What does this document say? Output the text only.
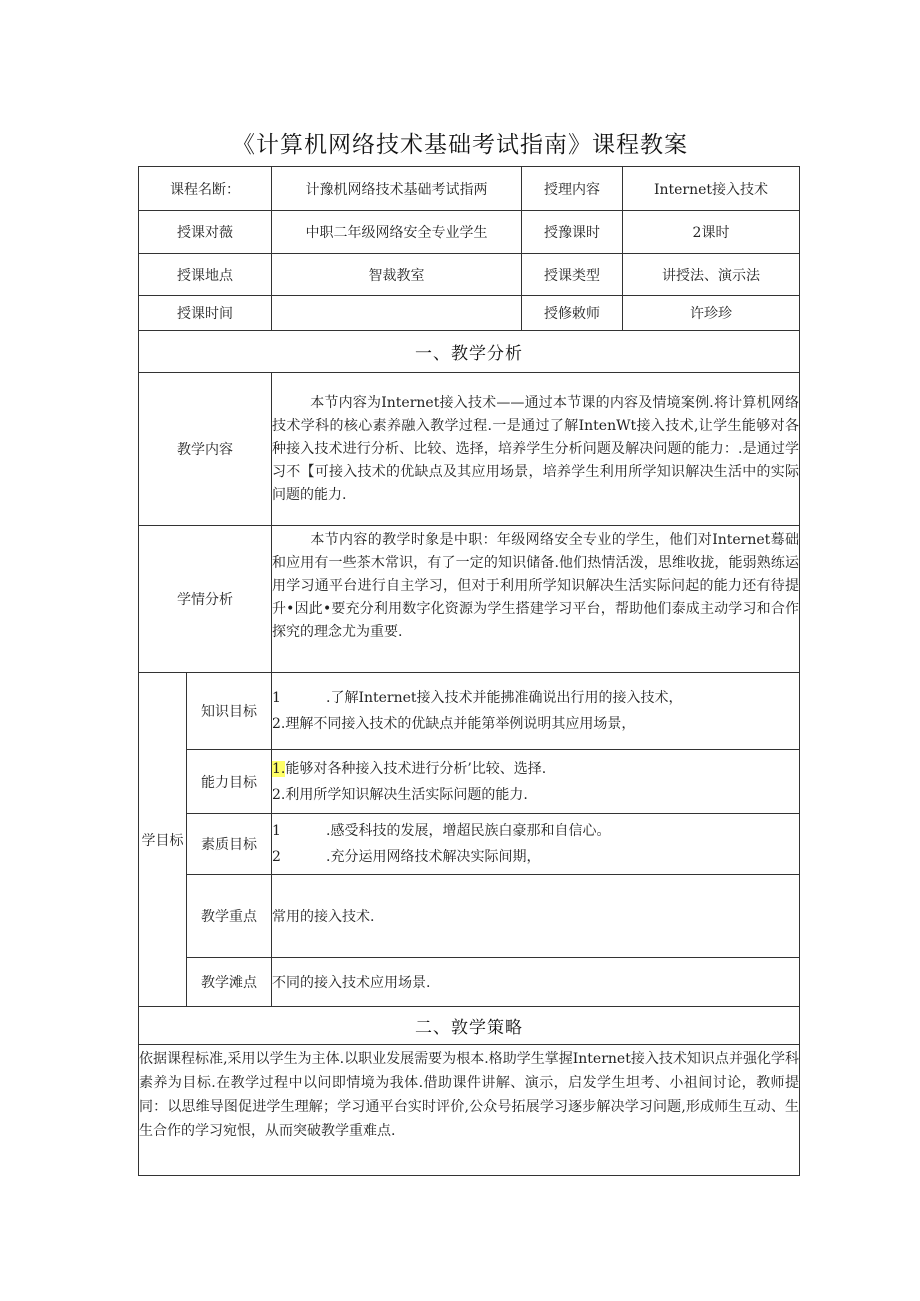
《计算机网络技术基础考试指南》课程教案
课程名断：		计豫机网络技术基础考试指两	授理内容	Internet接入技术
授课对薇		中职二年级网络安全专业学生	授豫课时	2课时
授课地点		智裁教室	授课类型	讲授法、演示法
授课时间			授修敕师	许珍珍
一、教学分析				
教学内容		本节内容为Internet接入技术——通过本节课的内容及情境案例.将计算机网络技术学科的核心素养融入教学过程.一是通过了解IntenWt接入技术,让学生能够对各种接入技术进行分析、比较、选择，培养学生分析问题及解决问题的能力：.是通过学习不【可接入技术的优缺点及其应用场景，培养学生利用所学知识解决生活中的实际问题的能力.		
学情分析		本节内容的教学时象是中职：年级网络安全专业的学生，他们对Internet蓦础和应用有一些茶木常识，有了一定的知识储备.他们热情活泼，思维收拢，能弱熟练运用学习通平台进行自主学习，但对于利用所学知识解决生活实际问起的能力还有待提升•因此•要充分利用数字化资源为学生搭建学习平台，帮助他们泰成主动学习和合作探究的理念尤为重要.		
学目标	知识目标	1 .了解Internet接入技术并能拂准确说出行用的接入技术，
2.理解不同接入技术的优缺点并能第举例说明其应用场景，		

	能力目标	1.能够对各种接入技术进行分析’比较、选择.
2.利用所学知识解决生活实际问题的能力.		

	素质目标	1 .感受科技的发展，增超民族白豪那和自信心。
2 .充分运用网络技术解决实际间期，		

	教学重点	常用的接入技术.		
	教学滩点	不同的接入技术应用场景.		
二、敦学策略				
依据课程标准,采用以学生为主体.以职业发展需要为根本.格助学生掌握Internet接入技术知识点并强化学科素养为目标.在教学过程中以问即情境为我体.借助课件讲解、演示，启发学生坦考、小祖间讨论，教师提同：以思维导图促进学生理解；学习通平台实时评价,公众号拓展学习逐步解决学习问题,形成师生互动、生生合作的学习宛恨，从而突破教学重难点.				
